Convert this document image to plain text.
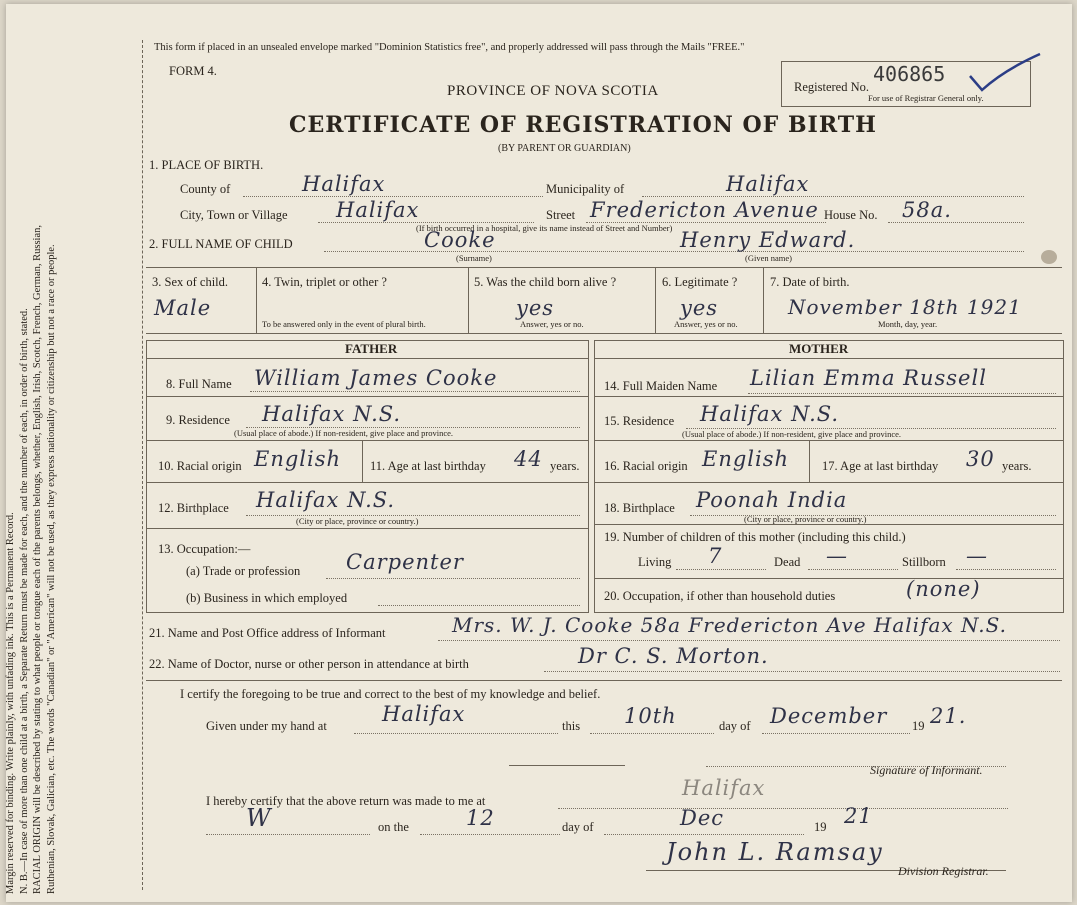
Margin reserved for binding. Write plainly, with unfading ink. This is a Permanent Record. N. B.—In case of more than one child at a birth, a Separate Return must be made for each, and the number of each, in order of birth, stated. RACIAL ORIGIN will be described by stating to what people or tongue each of the parents belongs, whether, English, Irish, Scotch, French, German, Russian, Ruthenian, Slovak, Galician, etc. The words "Canadian" or "American" will not be used, as they express nationality or citizenship but not a race or people.
This form if placed in an unsealed envelope marked "Dominion Statistics free", and properly addressed will pass through the Mails "FREE."
FORM 4.
PROVINCE OF NOVA SCOTIA
CERTIFICATE OF REGISTRATION OF BIRTH
(BY PARENT OR GUARDIAN)
Registered No.
406865
For use of Registrar General only.
1. PLACE OF BIRTH.
County of	Halifax	Municipality of	Halifax
City, Town or Village Halifax	Street Fredericton Avenue House No. 58a.
(If birth occurred in a hospital, give its name instead of Street and Number)
2. FULL NAME OF CHILD	Cooke
(Surname)
Henry Edward.
(Given name)
3. Sex of child.
Male
4. Twin, triplet or other ?
To be answered only in the event of plural birth.
5. Was the child born alive ?
yes
Answer, yes or no.
6. Legitimate ?
yes
Answer, yes or no.
7. Date of birth.
November 18th 1921
Month, day, year.
FATHER	MOTHER
8. Full Name William James Cooke
9. Residence Halifax N.S.
(Usual place of abode.) If non-resident, give place and province.
10. Racial origin English 11. Age at last birthday 44 years.
12. Birthplace Halifax N.S.
(City or place, province or country.)
13. Occupation:—
(a) Trade or profession Carpenter
(b) Business in which employed
14. Full Maiden Name Lilian Emma Russell
15. Residence Halifax N.S.
(Usual place of abode.) If non-resident, give place and province.
16. Racial origin English	17. Age at last birthday 30 years.
18. Birthplace Poonah India
(City or place, province or country.)
19. Number of children of this mother (including this child.)
Living 7	Dead —	Stillborn —
20. Occupation, if other than household duties	(none)
21. Name and Post Office address of Informant	Mrs. W. J. Cooke 58a Fredericton Ave Halifax N.S.
22. Name of Doctor, nurse or other person in attendance at birth	Dr C. S. Morton.
I certify the foregoing to be true and correct to the best of my knowledge and belief.
Given under my hand at	Halifax	this 10th	day of December 19 21.
Signature of Informant.
I hereby certify that the above return was made to me at
Halifax
W	on the	12	day of	Dec	19 21
John L. Ramsay
Division Registrar.
